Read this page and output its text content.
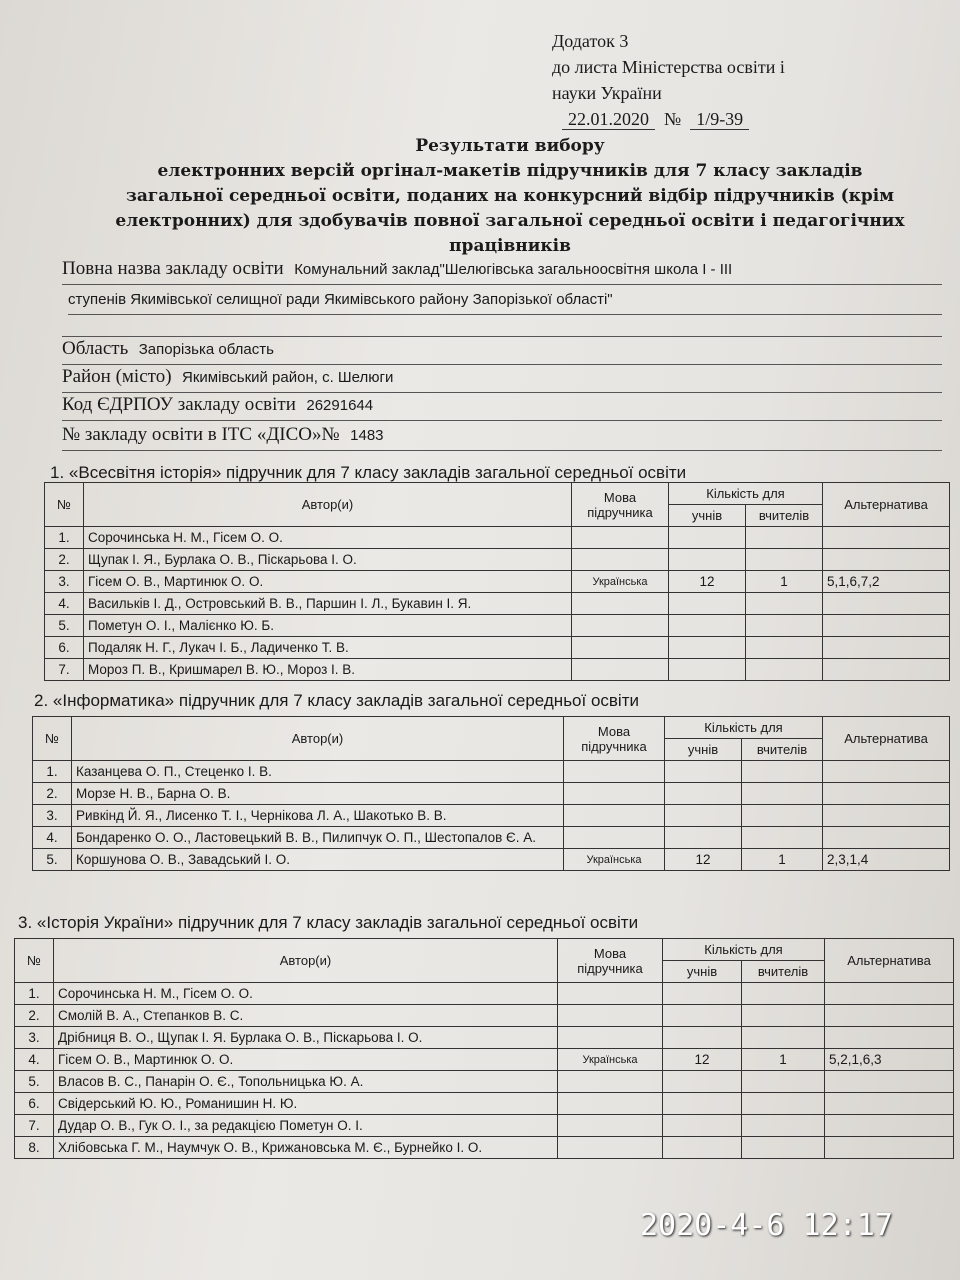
Додаток 3
до листа Міністерства освіти і
науки України
22.01.2020 № 1/9-39
Результати вибору
електронних версій оргінал-макетів підручників для 7 класу закладів
загальної середньої освіти, поданих на конкурсний відбір підручників (крім
електронних) для здобувачів повної загальної середньої освіти і педагогічних
працівників
Повна назва закладу освіти Комунальний заклад"Шелюгівська загальноосвітня школа І - ІІІ
ступенів Якимівської селищної ради Якимівського району Запорізької області"
Область Запорізька область
Район (місто) Якимівський район, с. Шелюги
Код ЄДРПОУ закладу освіти 26291644
№ закладу освіти в ІТС «ДІСО»№ 1483
1. «Всесвітня історія» підручник для 7 класу закладів загальної середньої освіти
№	Автор(и)	Мова підручника	Кількість для		Альтернатива
			учнів	вчителів	
1.	Сорочинська Н. М., Гісем О. О.				
2.	Щупак І. Я., Бурлака О. В., Піскарьова І. О.				
3.	Гісем О. В., Мартинюк О. О.	Українська	12	1	5,1,6,7,2
4.	Васильків І. Д., Островський В. В., Паршин І. Л., Букавин І. Я.				
5.	Пометун О. І., Малієнко Ю. Б.				
6.	Подаляк Н. Г., Лукач І. Б., Ладиченко Т. В.				
7.	Мороз П. В., Кришмарел В. Ю., Мороз І. В.				
2. «Інформатика» підручник для 7 класу закладів загальної середньої освіти
№	Автор(и)	Мова підручника	Кількість для		Альтернатива
			учнів	вчителів	
1.	Казанцева О. П., Стеценко І. В.				
2.	Морзе Н. В., Барна О. В.				
3.	Ривкінд Й. Я., Лисенко Т. І., Чернікова Л. А., Шакотько В. В.				
4.	Бондаренко О. О., Ластовецький В. В., Пилипчук О. П., Шестопалов Є. А.				
5.	Коршунова О. В., Завадський І. О.	Українська	12	1	2,3,1,4
3. «Історія України» підручник для 7 класу закладів загальної середньої освіти
№	Автор(и)	Мова підручника	Кількість для		Альтернатива
			учнів	вчителів	
1.	Сорочинська Н. М., Гісем О. О.				
2.	Смолій В. А., Степанков В. С.				
3.	Дрібниця В. О., Щупак І. Я. Бурлака О. В., Піскарьова І. О.				
4.	Гісем О. В., Мартинюк О. О.	Українська	12	1	5,2,1,6,3
5.	Власов В. С., Панарін О. Є., Топольницька Ю. А.				
6.	Свідерський Ю. Ю., Романишин Н. Ю.				
7.	Дудар О. В., Гук О. І., за редакцією Пометун О. І.				
8.	Хлібовська Г. М., Наумчук О. В., Крижановська М. Є., Бурнейко І. О.				
2020-4-6 12:17
